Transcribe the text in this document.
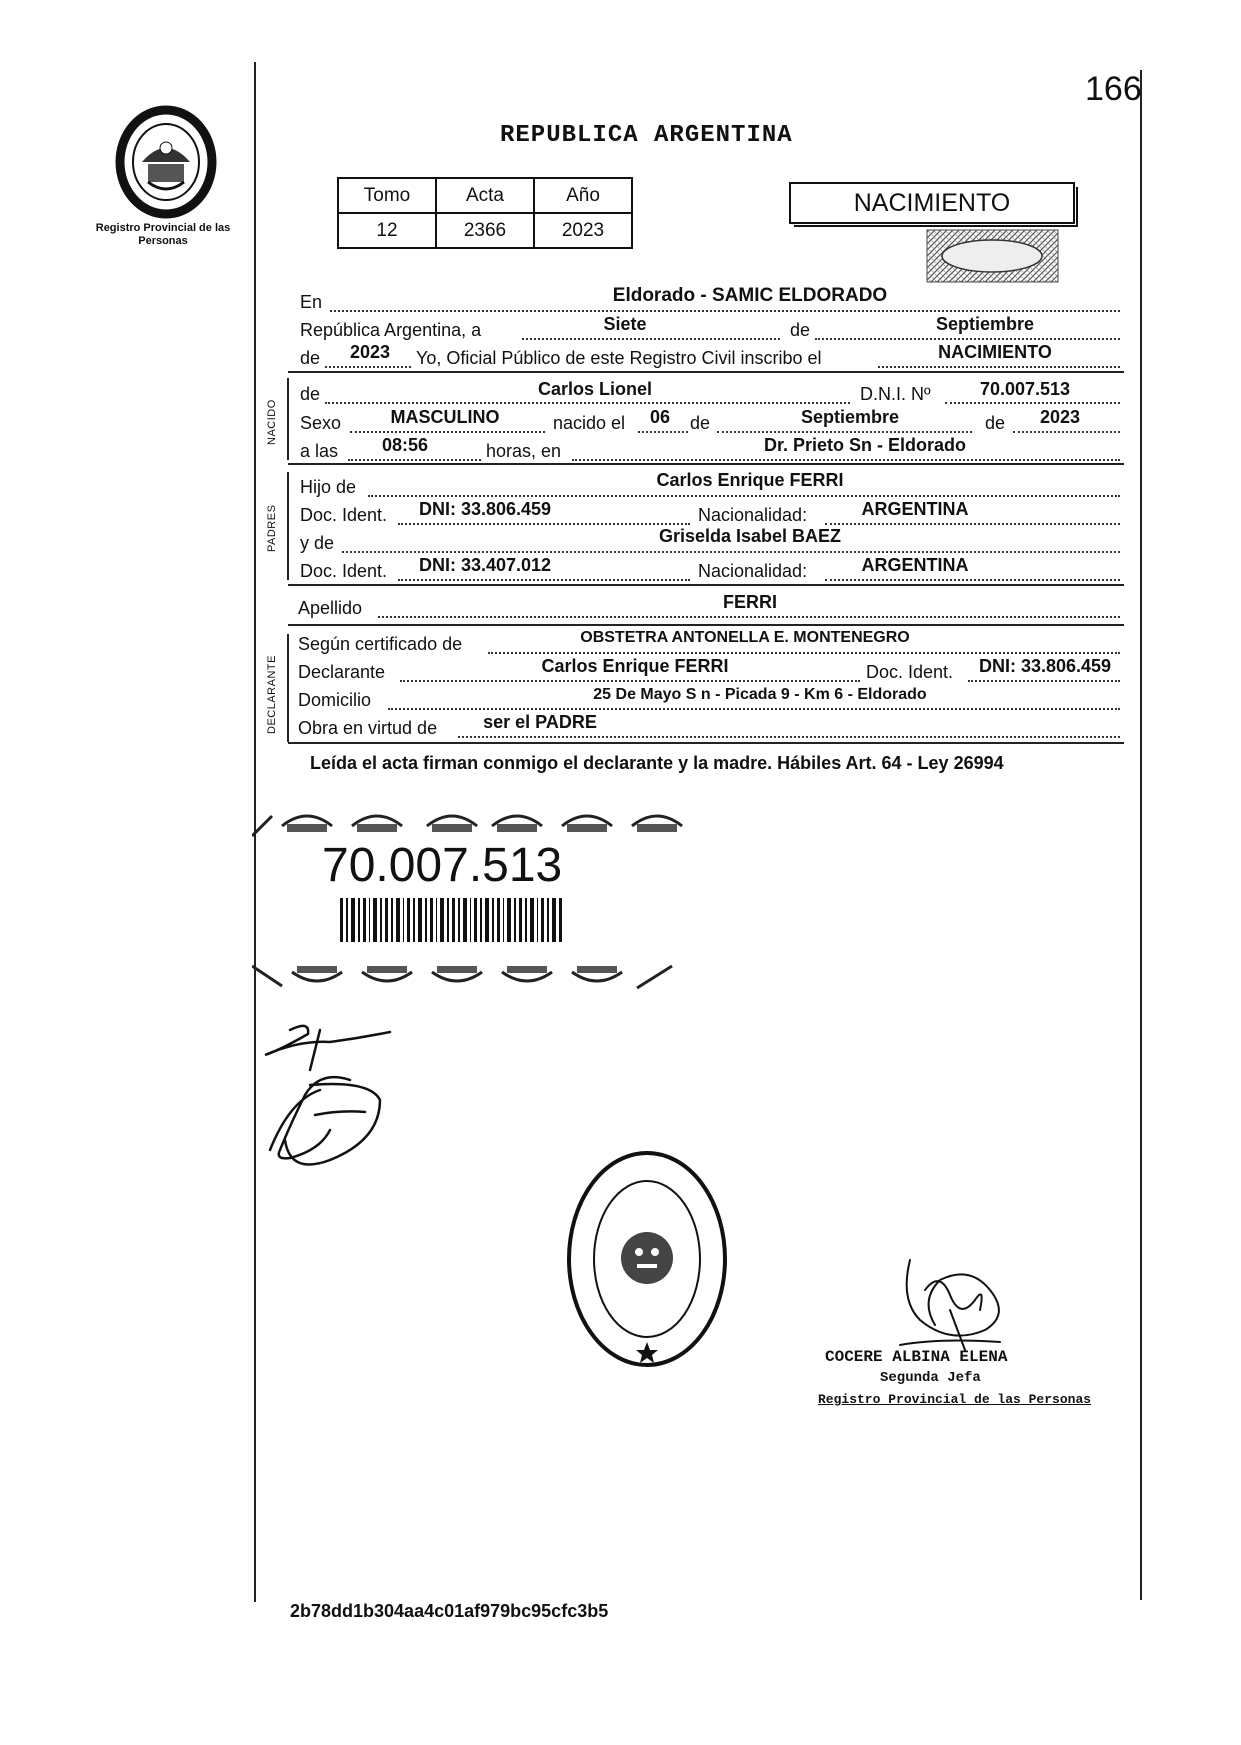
166
Registro Provincial de las Personas
REPUBLICA ARGENTINA
Tomo	Acta	Año
12	2366	2023
NACIMIENTO
En	Eldorado - SAMIC ELDORADO
República Argentina, a	Siete	de	Septiembre
de	2023	Yo, Oficial Público de este Registro Civil inscribo el	NACIMIENTO
NACIDO
de	Carlos Lionel	D.N.I. Nº	70.007.513
Sexo	MASCULINO	nacido el	06	de	Septiembre	de	2023
a las	08:56	horas, en	Dr. Prieto Sn - Eldorado
PADRES
Hijo de	Carlos Enrique FERRI
Doc. Ident.	DNI: 33.806.459	Nacionalidad:	ARGENTINA
y de	Griselda Isabel BAEZ
Doc. Ident.	DNI: 33.407.012	Nacionalidad:	ARGENTINA
Apellido	FERRI
DECLARANTE
Según certificado de	OBSTETRA ANTONELLA E. MONTENEGRO
Declarante	Carlos Enrique FERRI	Doc. Ident.	DNI: 33.806.459
Domicilio	25 De Mayo S n - Picada 9 - Km 6 - Eldorado
Obra en virtud de	ser el PADRE
Leída el acta firman conmigo el declarante y la madre. Hábiles Art. 64 - Ley 26994
70.007.513
COCERE ALBINA ELENA
Segunda Jefa
Registro Provincial de las Personas
2b78dd1b304aa4c01af979bc95cfc3b5
